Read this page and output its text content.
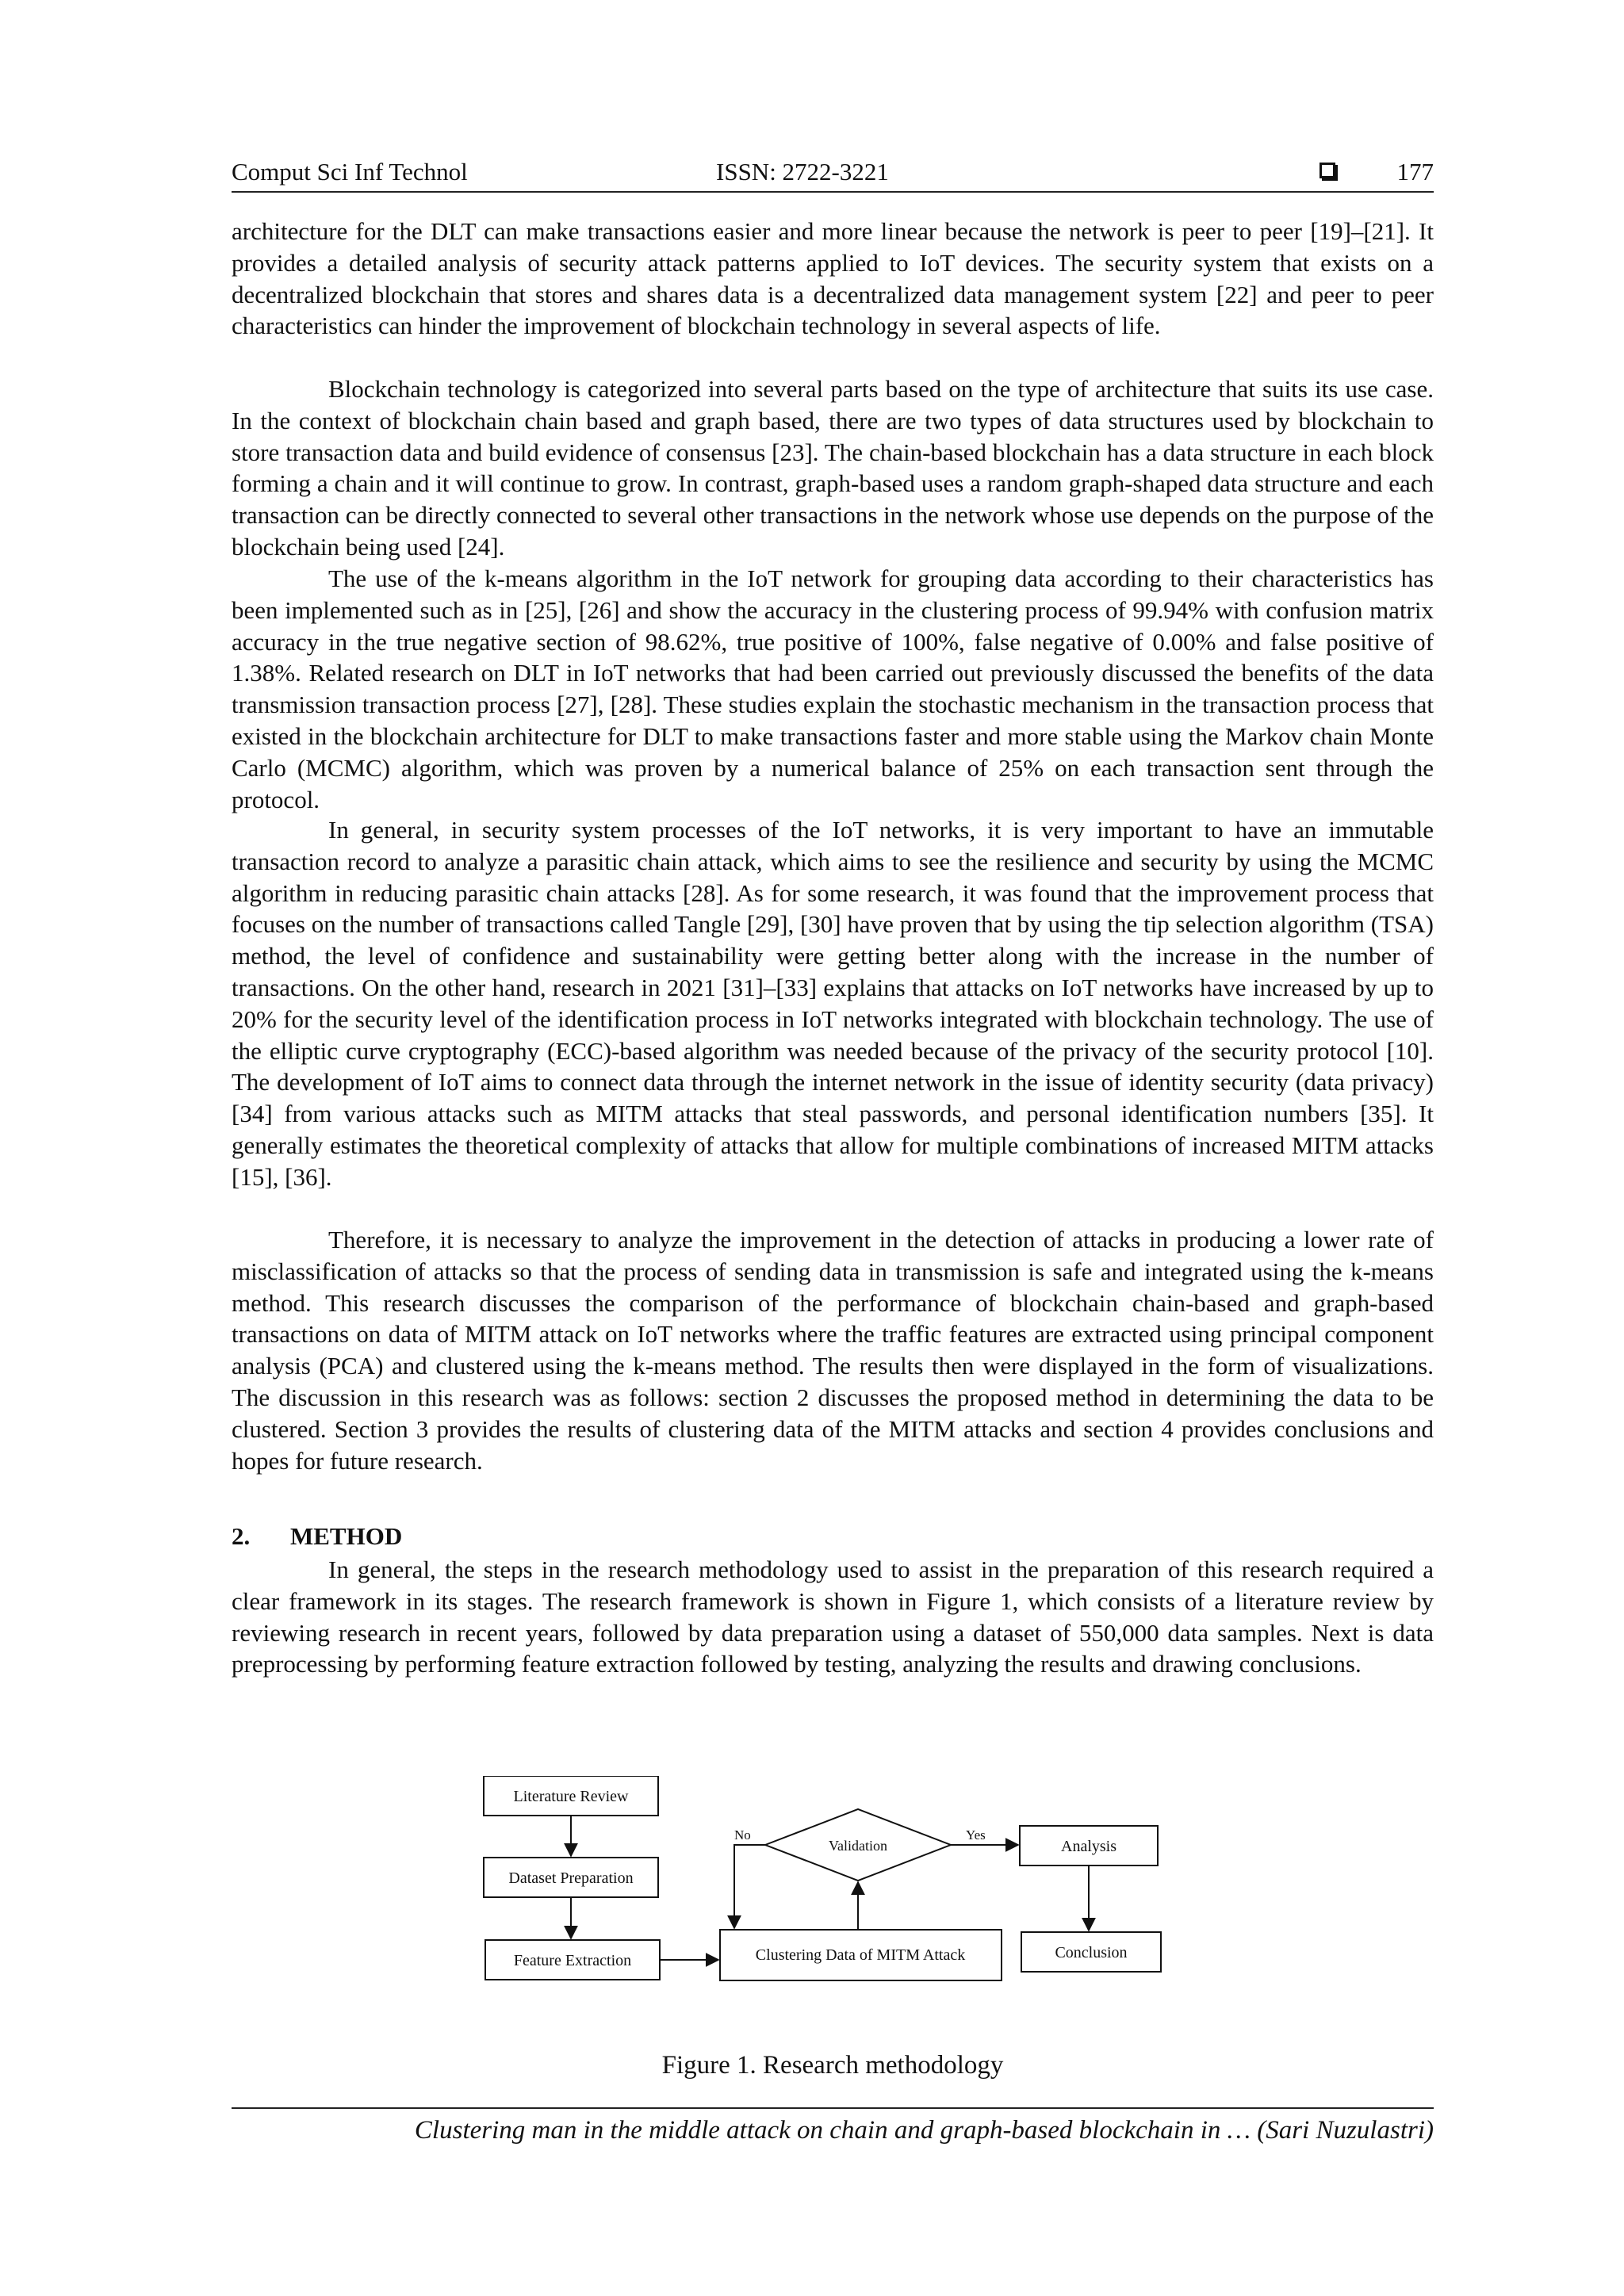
Comput Sci Inf Technol	ISSN: 2722-3221	177

architecture for the DLT can make transactions easier and more linear because the network is peer to peer [19]–[21]. It provides a detailed analysis of security attack patterns applied to IoT devices. The security system that exists on a decentralized blockchain that stores and shares data is a decentralized data management system [22] and peer to peer characteristics can hinder the improvement of blockchain technology in several aspects of life.

Blockchain technology is categorized into several parts based on the type of architecture that suits its use case. In the context of blockchain chain based and graph based, there are two types of data structures used by blockchain to store transaction data and build evidence of consensus [23]. The chain-based blockchain has a data structure in each block forming a chain and it will continue to grow. In contrast, graph-based uses a random graph-shaped data structure and each transaction can be directly connected to several other transactions in the network whose use depends on the purpose of the blockchain being used [24].

The use of the k-means algorithm in the IoT network for grouping data according to their characteristics has been implemented such as in [25], [26] and show the accuracy in the clustering process of 99.94% with confusion matrix accuracy in the true negative section of 98.62%, true positive of 100%, false negative of 0.00% and false positive of 1.38%. Related research on DLT in IoT networks that had been carried out previously discussed the benefits of the data transmission transaction process [27], [28]. These studies explain the stochastic mechanism in the transaction process that existed in the blockchain architecture for DLT to make transactions faster and more stable using the Markov chain Monte Carlo (MCMC) algorithm, which was proven by a numerical balance of 25% on each transaction sent through the protocol.

In general, in security system processes of the IoT networks, it is very important to have an immutable transaction record to analyze a parasitic chain attack, which aims to see the resilience and security by using the MCMC algorithm in reducing parasitic chain attacks [28]. As for some research, it was found that the improvement process that focuses on the number of transactions called Tangle [29], [30] have proven that by using the tip selection algorithm (TSA) method, the level of confidence and sustainability were getting better along with the increase in the number of transactions. On the other hand, research in 2021 [31]–[33] explains that attacks on IoT networks have increased by up to 20% for the security level of the identification process in IoT networks integrated with blockchain technology. The use of the elliptic curve cryptography (ECC)-based algorithm was needed because of the privacy of the security protocol [10]. The development of IoT aims to connect data through the internet network in the issue of identity security (data privacy) [34] from various attacks such as MITM attacks that steal passwords, and personal identification numbers [35]. It generally estimates the theoretical complexity of attacks that allow for multiple combinations of increased MITM attacks [15], [36].

Therefore, it is necessary to analyze the improvement in the detection of attacks in producing a lower rate of misclassification of attacks so that the process of sending data in transmission is safe and integrated using the k-means method. This research discusses the comparison of the performance of blockchain chain-based and graph-based transactions on data of MITM attack on IoT networks where the traffic features are extracted using principal component analysis (PCA) and clustered using the k-means method. The results then were displayed in the form of visualizations. The discussion in this research was as follows: section 2 discusses the proposed method in determining the data to be clustered. Section 3 provides the results of clustering data of the MITM attacks and section 4 provides conclusions and hopes for future research.

2. METHOD

In general, the steps in the research methodology used to assist in the preparation of this research required a clear framework in its stages. The research framework is shown in Figure 1, which consists of a literature review by reviewing research in recent years, followed by data preparation using a dataset of 550,000 data samples. Next is data preprocessing by performing feature extraction followed by testing, analyzing the results and drawing conclusions.

Literature Review
Dataset Preparation
Feature Extraction	Clustering Data of MITM Attack
Validation	Analysis
Conclusion
No	Yes

Figure 1. Research methodology

Clustering man in the middle attack on chain and graph-based blockchain in … (Sari Nuzulastri)
